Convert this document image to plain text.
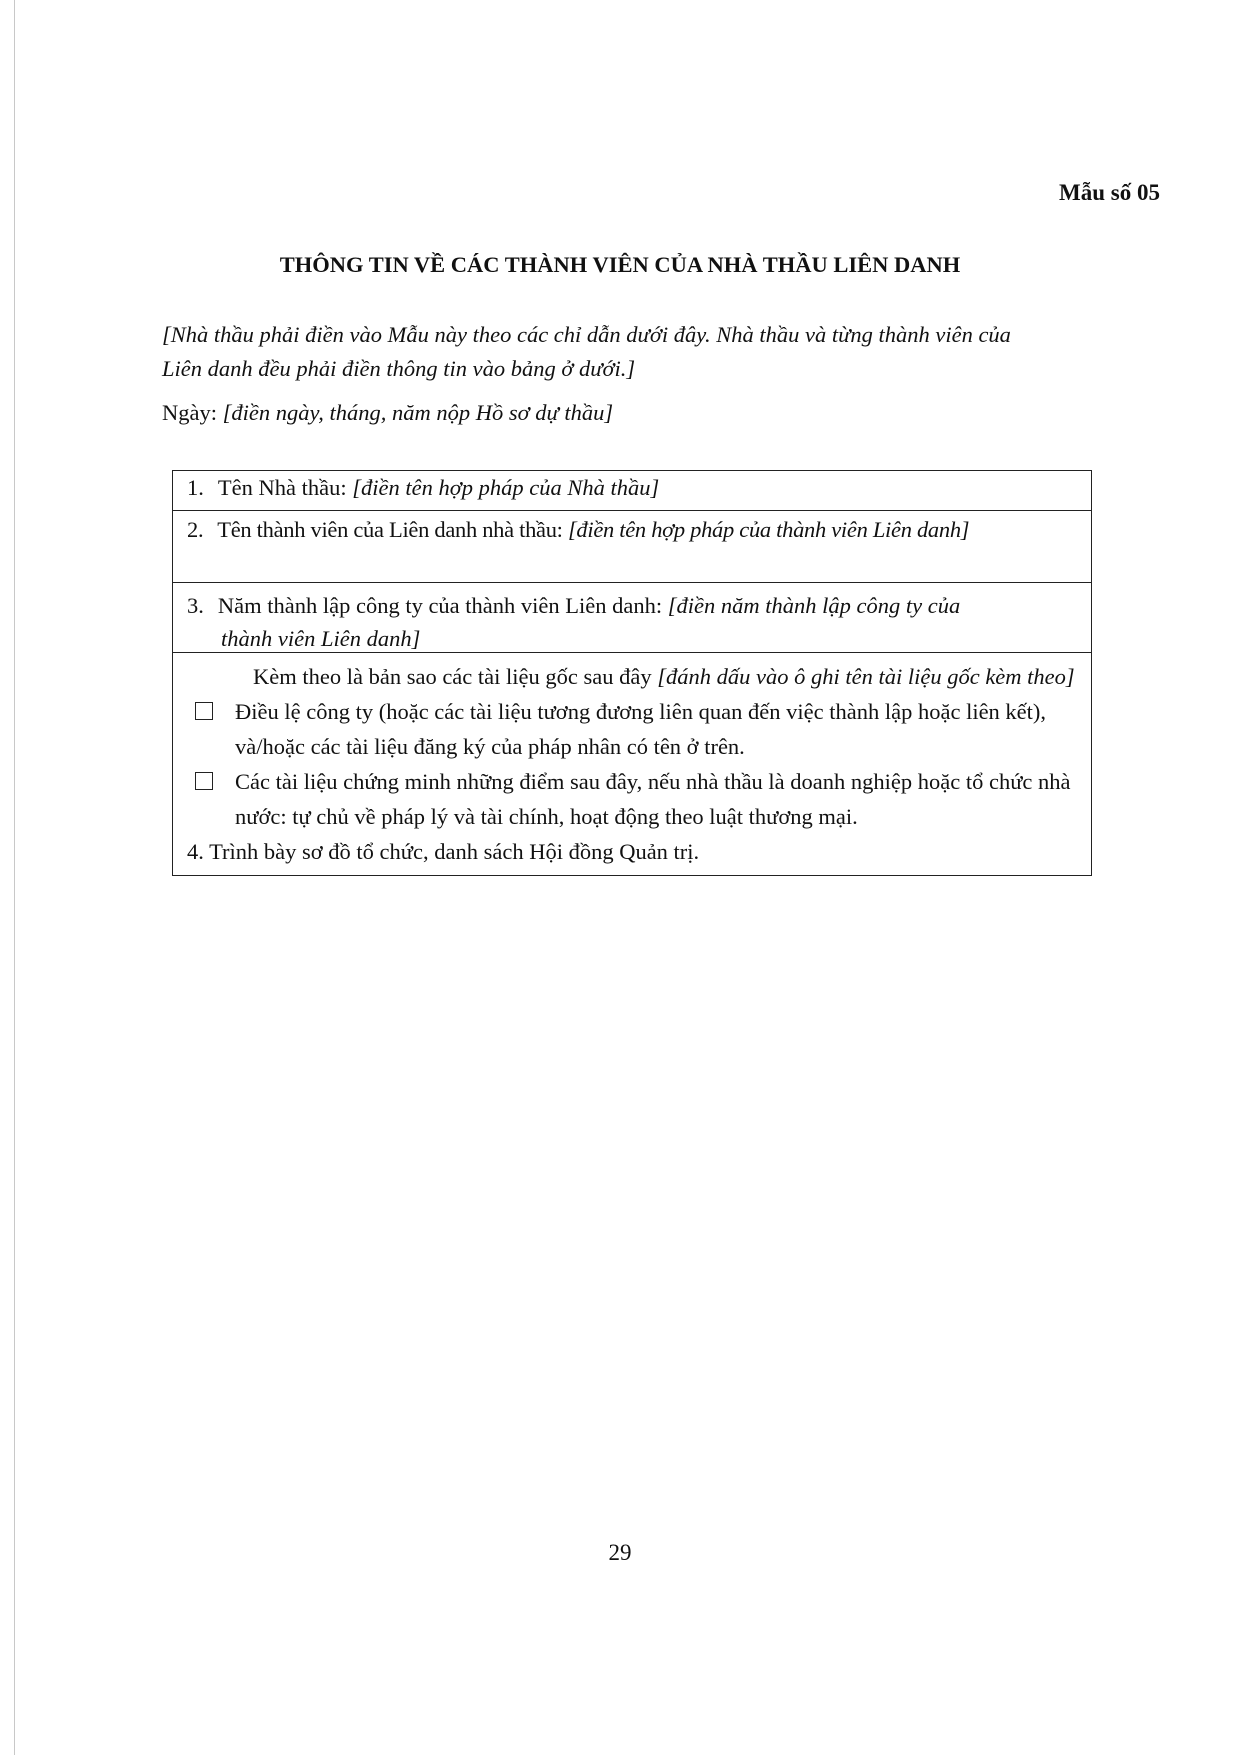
Mẫu số 05
THÔNG TIN VỀ CÁC THÀNH VIÊN CỦA NHÀ THẦU LIÊN DANH
[Nhà thầu phải điền vào Mẫu này theo các chỉ dẫn dưới đây. Nhà thầu và từng thành viên của
Liên danh đều phải điền thông tin vào bảng ở dưới.]
Ngày: [điền ngày, tháng, năm nộp Hồ sơ dự thầu]
1. Tên Nhà thầu: [điền tên hợp pháp của Nhà thầu]
2. Tên thành viên của Liên danh nhà thầu: [điền tên hợp pháp của thành viên Liên danh]
3. Năm thành lập công ty của thành viên Liên danh: [điền năm thành lập công ty của
thành viên Liên danh]
Kèm theo là bản sao các tài liệu gốc sau đây [đánh dấu vào ô ghi tên tài liệu gốc kèm theo]
Điều lệ công ty (hoặc các tài liệu tương đương liên quan đến việc thành lập hoặc liên kết), và/hoặc các tài liệu đăng ký của pháp nhân có tên ở trên.
Các tài liệu chứng minh những điểm sau đây, nếu nhà thầu là doanh nghiệp hoặc tổ chức nhà nước: tự chủ về pháp lý và tài chính, hoạt động theo luật thương mại.
4. Trình bày sơ đồ tổ chức, danh sách Hội đồng Quản trị.
29
